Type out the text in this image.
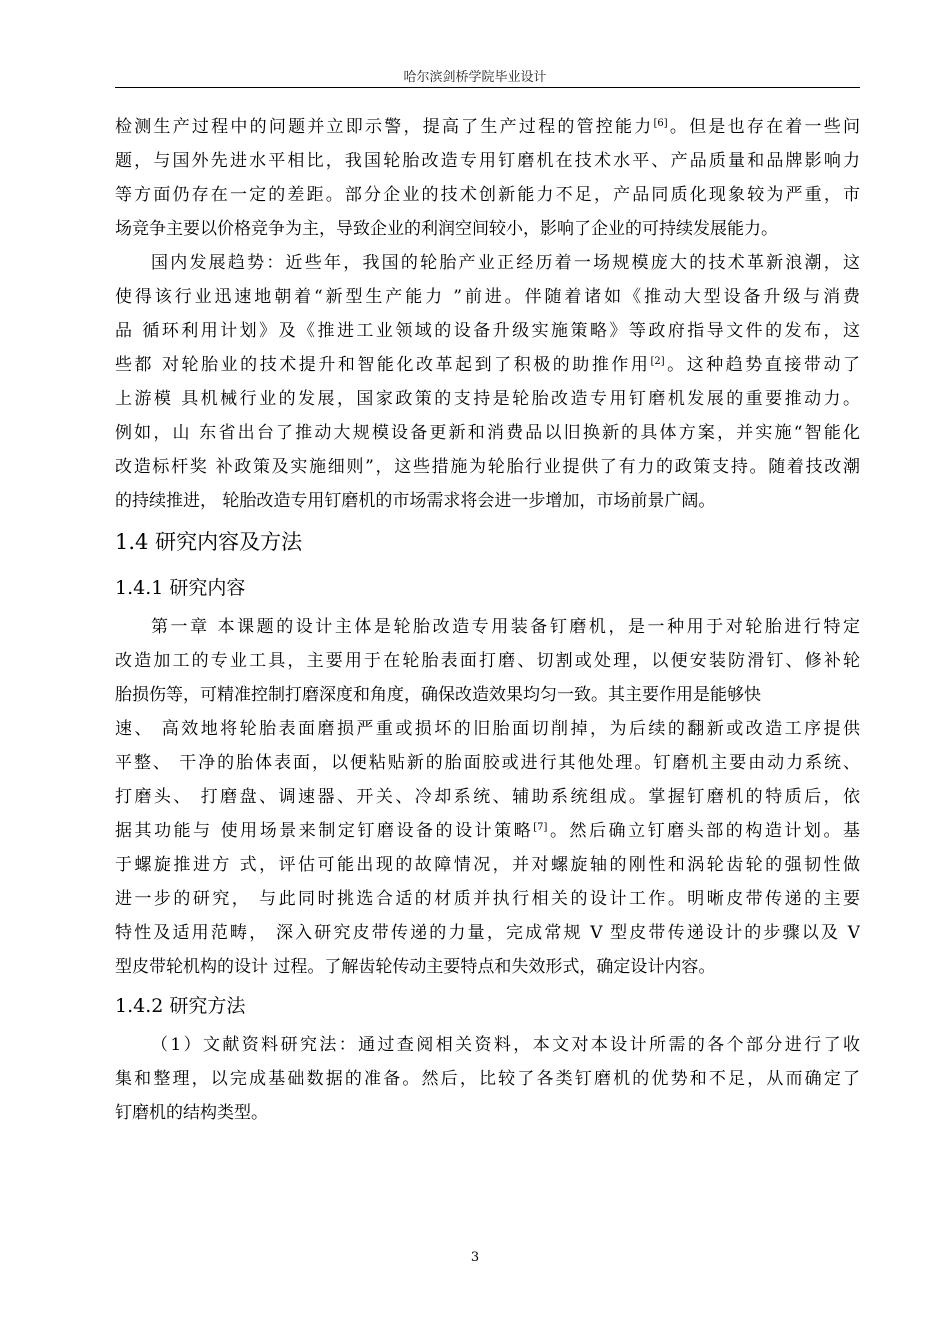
哈尔滨剑桥学院毕业设计
检测生产过程中的问题并立即示警，提高了生产过程的管控能力[6]。但是也存在着一些问
题，与国外先进水平相比，我国轮胎改造专用钉磨机在技术水平、产品质量和品牌影响力
等方面仍存在一定的差距。部分企业的技术创新能力不足，产品同质化现象较为严重，市
场竞争主要以价格竞争为主，导致企业的利润空间较小，影响了企业的可持续发展能力。
国内发展趋势：近些年，我国的轮胎产业正经历着一场规模庞大的技术革新浪潮，这
使得该行业迅速地朝着“新型生产能力 ”前进。伴随着诸如《推动大型设备升级与消费
品 循环利用计划》及《推进工业领域的设备升级实施策略》等政府指导文件的发布，这
些都 对轮胎业的技术提升和智能化改革起到了积极的助推作用[2]。这种趋势直接带动了
上游模 具机械行业的发展，国家政策的支持是轮胎改造专用钉磨机发展的重要推动力。
例如，山 东省出台了推动大规模设备更新和消费品以旧换新的具体方案，并实施“智能化
改造标杆奖 补政策及实施细则”，这些措施为轮胎行业提供了有力的政策支持。随着技改潮
的持续推进， 轮胎改造专用钉磨机的市场需求将会进一步增加，市场前景广阔。
1.4 研究内容及方法
1.4.1 研究内容
第一章 本课题的设计主体是轮胎改造专用装备钉磨机，是一种用于对轮胎进行特定
改造加工的专业工具，主要用于在轮胎表面打磨、切割或处理，以便安装防滑钉、修补轮
胎损伤等，可精准控制打磨深度和角度，确保改造效果均匀一致。其主要作用是能够快
速、 高效地将轮胎表面磨损严重或损坏的旧胎面切削掉，为后续的翻新或改造工序提供
平整、 干净的胎体表面，以便粘贴新的胎面胶或进行其他处理。钉磨机主要由动力系统、
打磨头、 打磨盘、调速器、开关、冷却系统、辅助系统组成。掌握钉磨机的特质后，依
据其功能与 使用场景来制定钉磨设备的设计策略[7]。然后确立钉磨头部的构造计划。基
于螺旋推进方 式，评估可能出现的故障情况，并对螺旋轴的刚性和涡轮齿轮的强韧性做
进一步的研究， 与此同时挑选合适的材质并执行相关的设计工作。明晰皮带传递的主要
特性及适用范畴， 深入研究皮带传递的力量，完成常规 V 型皮带传递设计的步骤以及 V
型皮带轮机构的设计 过程。了解齿轮传动主要特点和失效形式，确定设计内容。
1.4.2 研究方法
（1）文献资料研究法：通过查阅相关资料，本文对本设计所需的各个部分进行了收
集和整理，以完成基础数据的准备。然后，比较了各类钉磨机的优势和不足，从而确定了
钉磨机的结构类型。
3
